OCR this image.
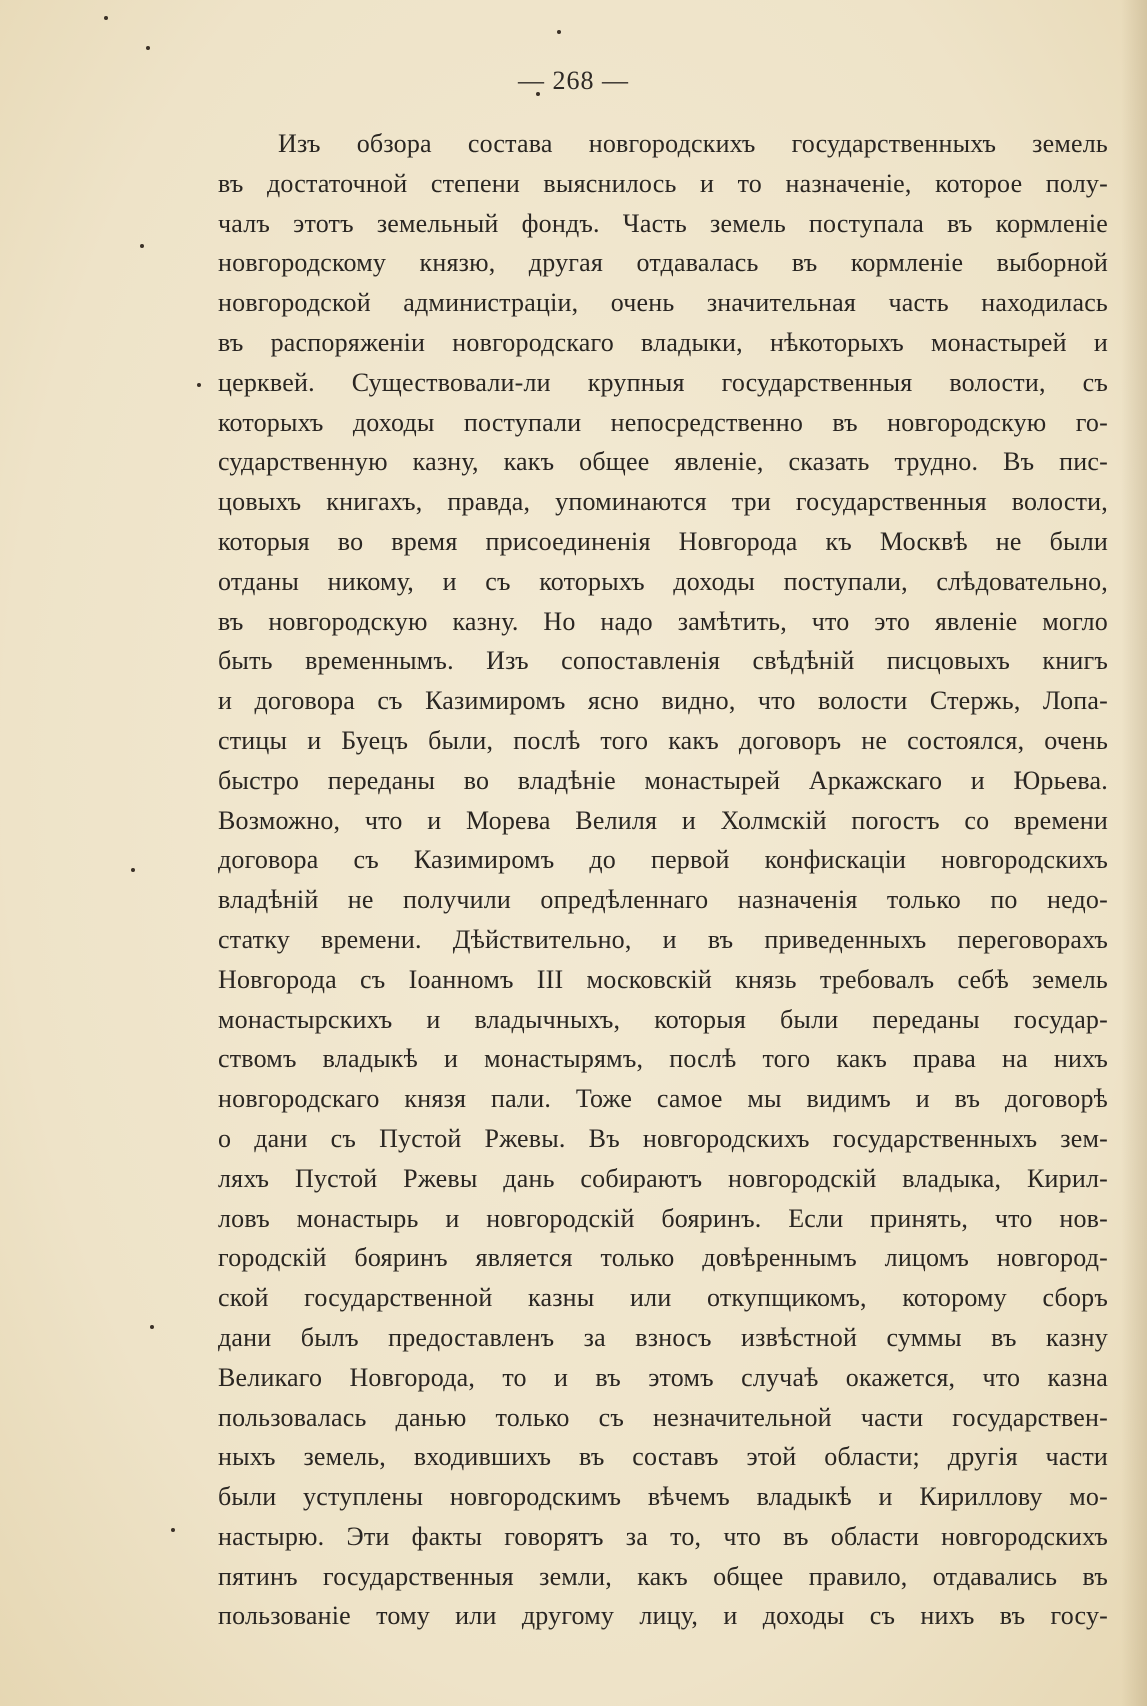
— 268 —
Изъ обзора состава новгородскихъ государственныхъ земель
въ достаточной степени выяснилось и то назначеніе, которое полу-
чалъ этотъ земельный фондъ. Часть земель поступала въ кормленіе
новгородскому князю, другая отдавалась въ кормленіе выборной
новгородской администраціи, очень значительная часть находилась
въ распоряженіи новгородскаго владыки, нѣкоторыхъ монастырей и
церквей. Существовали-ли крупныя государственныя волости, съ
которыхъ доходы поступали непосредственно въ новгородскую го-
сударственную казну, какъ общее явленіе, сказать трудно. Въ пис-
цовыхъ книгахъ, правда, упоминаются три государственныя волости,
которыя во время присоединенія Новгорода къ Москвѣ не были
отданы никому, и съ которыхъ доходы поступали, слѣдовательно,
въ новгородскую казну. Но надо замѣтить, что это явленіе могло
быть временнымъ. Изъ сопоставленія свѣдѣній писцовыхъ книгъ
и договора съ Казимиромъ ясно видно, что волости Стержь, Лопа-
стицы и Буецъ были, послѣ того какъ договоръ не состоялся, очень
быстро переданы во владѣніе монастырей Аркажскаго и Юрьева.
Возможно, что и Морева Велиля и Холмскій погостъ со времени
договора съ Казимиромъ до первой конфискаціи новгородскихъ
владѣній не получили опредѣленнаго назначенія только по недо-
статку времени. Дѣйствительно, и въ приведенныхъ переговорахъ
Новгорода съ Іоанномъ III московскій князь требовалъ себѣ земель
монастырскихъ и владычныхъ, которыя были переданы государ-
ствомъ владыкѣ и монастырямъ, послѣ того какъ права на нихъ
новгородскаго князя пали. Тоже самое мы видимъ и въ договорѣ
о дани съ Пустой Ржевы. Въ новгородскихъ государственныхъ зем-
ляхъ Пустой Ржевы дань собираютъ новгородскій владыка, Кирил-
ловъ монастырь и новгородскій бояринъ. Если принять, что нов-
городскій бояринъ является только довѣреннымъ лицомъ новгород-
ской государственной казны или откупщикомъ, которому сборъ
дани былъ предоставленъ за взносъ извѣстной суммы въ казну
Великаго Новгорода, то и въ этомъ случаѣ окажется, что казна
пользовалась данью только съ незначительной части государствен-
ныхъ земель, входившихъ въ составъ этой области; другія части
были уступлены новгородскимъ вѣчемъ владыкѣ и Кириллову мо-
настырю. Эти факты говорятъ за то, что въ области новгородскихъ
пятинъ государственныя земли, какъ общее правило, отдавались въ
пользованіе тому или другому лицу, и доходы съ нихъ въ госу-
